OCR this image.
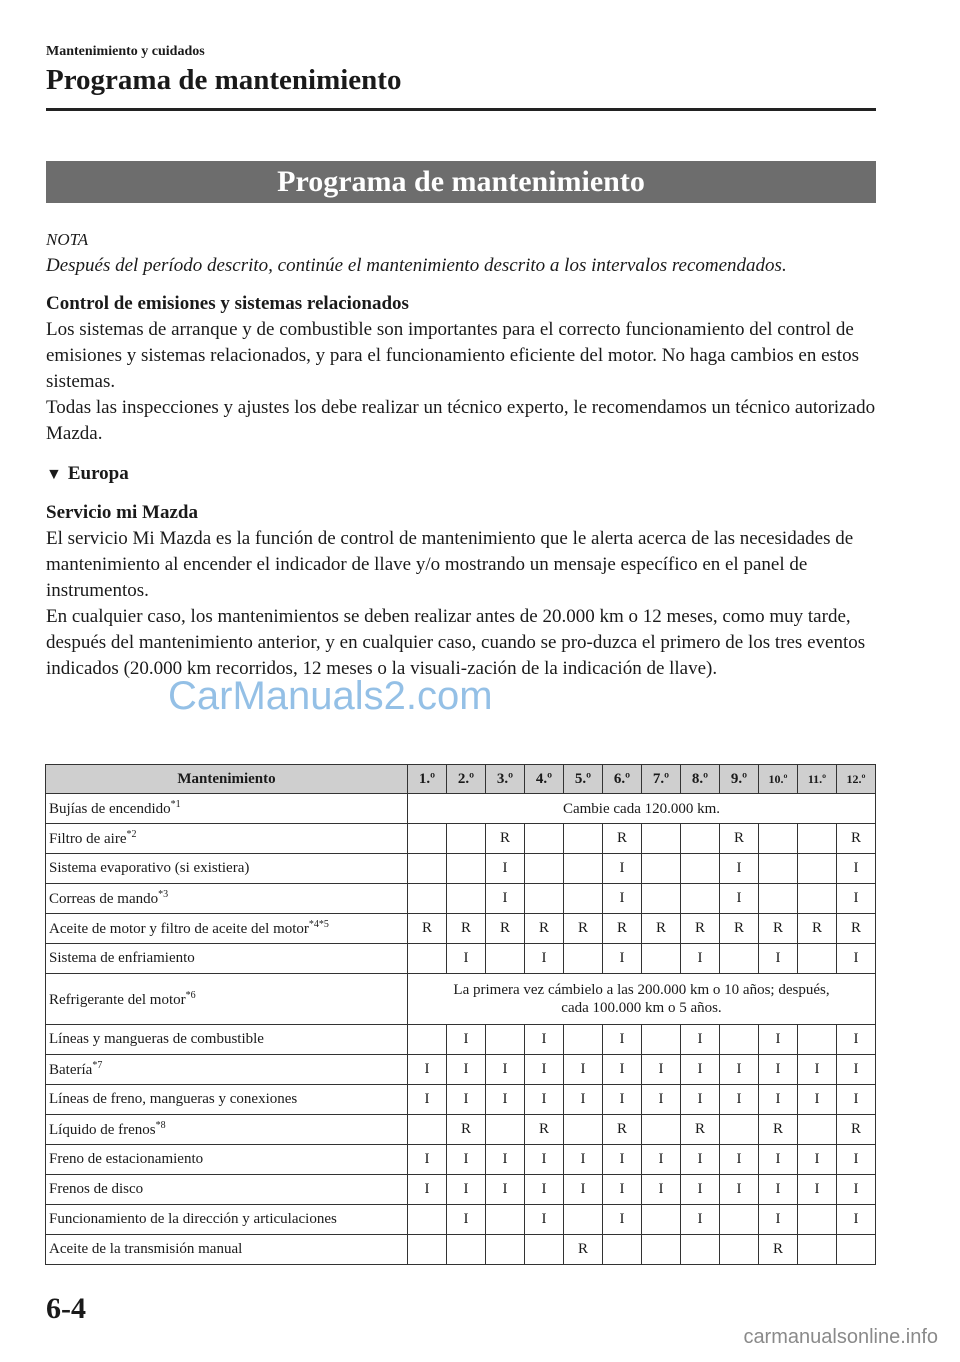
Mantenimiento y cuidados
Programa de mantenimiento
Programa de mantenimiento
NOTA
Después del período descrito, continúe el mantenimiento descrito a los intervalos recomendados.
Control de emisiones y sistemas relacionados

Los sistemas de arranque y de combustible son importantes para el correcto funcionamiento del control de emisiones y sistemas relacionados, y para el funcionamiento eficiente del motor. No haga cambios en estos sistemas.

Todas las inspecciones y ajustes los debe realizar un técnico experto, le recomendamos un técnico autorizado Mazda.

▼ Europa
Servicio mi Mazda

El servicio Mi Mazda es la función de control de mantenimiento que le alerta acerca de las necesidades de mantenimiento al encender el indicador de llave y/o mostrando un mensaje específico en el panel de instrumentos.

En cualquier caso, los mantenimientos se deben realizar antes de 20.000 km o 12 meses, como muy tarde, después del mantenimiento anterior, y en cualquier caso, cuando se pro-duzca el primero de los tres eventos indicados (20.000 km recorridos, 12 meses o la visuali-zación de la indicación de llave).

Mantenimiento	1.º	2.º	3.º	4.º	5.º	6.º	7.º	8.º	9.º	10.º	11.º	12.º
Bujías de encendido$^{*1}$	Cambie cada 120.000 km.											

Filtro de aire$^{*2}$			R			R			R			R
Sistema evaporativo (si existiera)			I			I			I			I
Correas de mando$^{*3}$			I			I			I			I
Aceite de motor y filtro de aceite del motor$^{*4*5}$	R	R	R	R	R	R	R	R	R	R	R	R
Sistema de enfriamiento		I		I		I		I		I		I
Refrigerante del motor$^{*6}$	La primera vez cámbielo a las 200.000 km o 10 años; después,
cada 100.000 km o 5 años.											

Líneas y mangueras de combustible		I		I		I		I		I		I
Batería$^{*7}$	I	I	I	I	I	I	I	I	I	I	I	I
Líneas de freno, mangueras y conexiones	I	I	I	I	I	I	I	I	I	I	I	I
Líquido de frenos$^{*8}$		R		R		R		R		R		R
Freno de estacionamiento	I	I	I	I	I	I	I	I	I	I	I	I
Frenos de disco	I	I	I	I	I	I	I	I	I	I	I	I
Funcionamiento de la dirección y articulaciones		I		I		I		I		I		I
Aceite de la transmisión manual					R					R		
CarManuals2.com
6-4
carmanualsonline.info
